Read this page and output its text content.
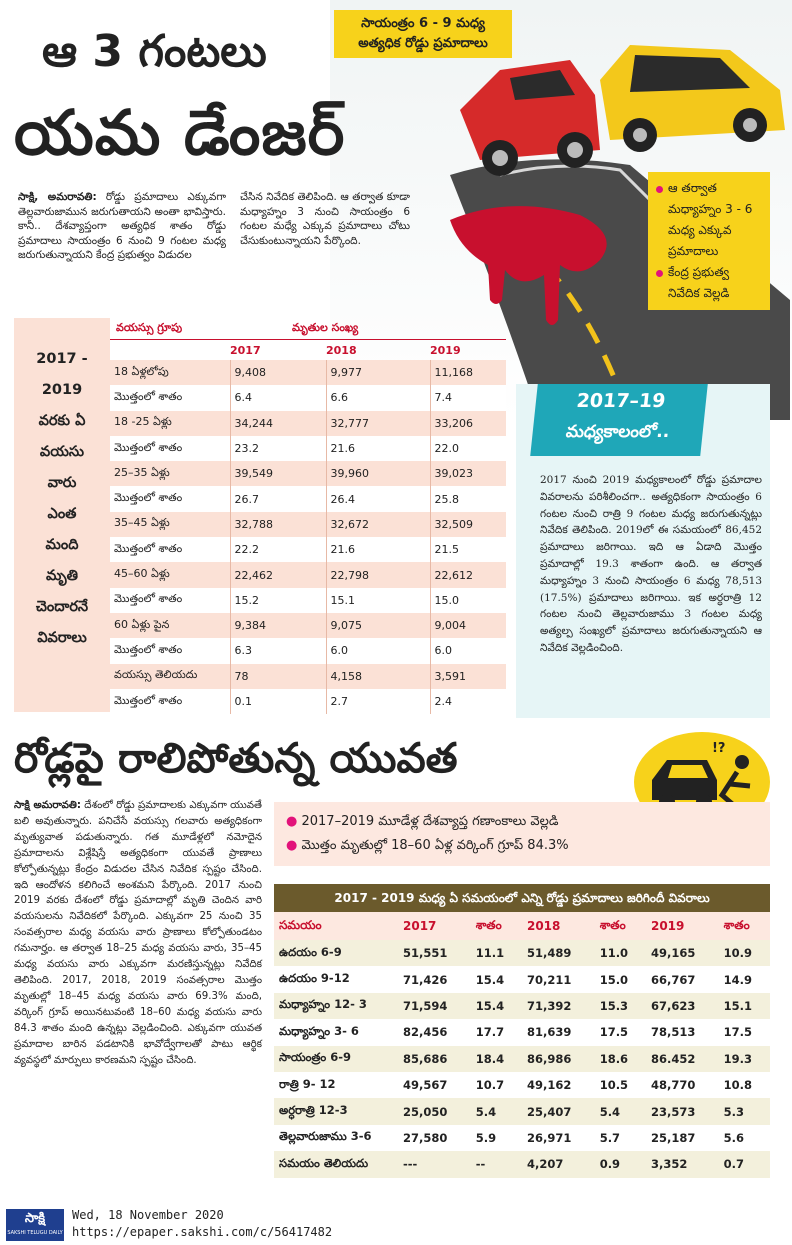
సాయంత్రం 6 - 9 మధ్య
అత్యధిక రోడ్డు ప్రమాదాలు
ఆ 3 గంటలు
యమ డేంజర్
ఆ తర్వాత మధ్యాహ్నం 3 - 6 మధ్య ఎక్కువ ప్రమాదాలు
కేంద్ర ప్రభుత్వ నివేదిక వెల్లడి
సాక్షి, అమరావతి: రోడ్డు ప్రమాదాలు ఎక్కువగా తెల్లవారుజామున జరుగుతాయని అంతా భావిస్తారు. కానీ.. దేశవ్యాప్తంగా అత్యధిక శాతం రోడ్డు ప్రమాదాలు సాయంత్రం 6 నుంచి 9 గంటల మధ్య జరుగుతున్నాయని కేంద్ర ప్రభుత్వం విడుదల
చేసిన నివేదిక తెలిపింది. ఆ తర్వాత కూడా మధ్యాహ్నం 3 నుంచి సాయంత్రం 6 గంటల మధ్యే ఎక్కువ ప్రమాదాలు చోటు చేసుకుంటున్నాయని పేర్కొంది.
2017 -
2019
వరకు ఏ
వయసు
వారు
ఎంత
మంది
మృతి
చెందారనే
వివరాలు
వయస్సు గ్రూపు	మృతుల సంఖ్య
2017	2018	2019
18 ఏళ్లలోపు	9,408	9,977	11,168
మొత్తంలో శాతం	6.4	6.6	7.4
18 -25 ఏళ్లు	34,244	32,777	33,206
మొత్తంలో శాతం	23.2	21.6	22.0
25–35 ఏళ్లు	39,549	39,960	39,023
మొత్తంలో శాతం	26.7	26.4	25.8
35–45 ఏళ్లు	32,788	32,672	32,509
మొత్తంలో శాతం	22.2	21.6	21.5
45–60 ఏళ్లు	22,462	22,798	22,612
మొత్తంలో శాతం	15.2	15.1	15.0
60 ఏళ్లు పైన	9,384	9,075	9,004
మొత్తంలో శాతం	6.3	6.0	6.0
వయస్సు తెలియదు	78	4,158	3,591
మొత్తంలో శాతం	0.1	2.7	2.4
2017–19
మధ్యకాలంలో..
2017 నుంచి 2019 మధ్యకాలంలో రోడ్డు ప్రమాదాల వివరాలను పరిశీలించగా.. అత్యధికంగా సాయంత్రం 6 గంటల నుంచి రాత్రి 9 గంటల మధ్య జరుగుతున్నట్లు నివేదిక తెలిపింది. 2019లో ఈ సమయంలో 86,452 ప్రమాదాలు జరిగాయి. ఇది ఆ ఏడాది మొత్తం ప్రమాదాల్లో 19.3 శాతంగా ఉంది. ఆ తర్వాత మధ్యాహ్నం 3 నుంచి సాయంత్రం 6 మధ్య 78,513 (17.5%) ప్రమాదాలు జరిగాయి. ఇక అర్ధరాత్రి 12 గంటల నుంచి తెల్లవారుజాము 3 గంటల మధ్య అత్యల్ప సంఖ్యలో ప్రమాదాలు జరుగుతున్నాయని ఆ నివేదిక వెల్లడించింది.
రోడ్లపై రాలిపోతున్న యువత	!?
● 2017–2019 మూడేళ్ల దేశవ్యాప్త గణాంకాలు వెల్లడి
● మొత్తం మృతుల్లో 18–60 ఏళ్ల వర్కింగ్‌ గ్రూప్‌ 84.3%
సాక్షి అమరావతి: దేశంలో రోడ్డు ప్రమాదాలకు ఎక్కువగా యువతే బలి అవుతున్నారు. పనిచేసే వయస్సు గలవారు అత్యధికంగా మృత్యువాత పడుతున్నారు. గత మూడేళ్లలో నమోదైన ప్రమాదాలను విశ్లేషిస్తే అత్యధికంగా యువతే ప్రాణాలు కోల్పోతున్నట్లు కేంద్రం విడుదల చేసిన నివేదిక స్పష్టం చేసింది. ఇది ఆందోళన కలిగించే అంశమని పేర్కొంది. 2017 నుంచి 2019 వరకు దేశంలో రోడ్డు ప్రమాదాల్లో మృతి చెందిన వారి వయసులను నివేదికలో పేర్కొంది. ఎక్కువగా 25 నుంచి 35 సంవత్సరాల మధ్య వయసు వారు ప్రాణాలు కోల్పోతుండటం గమనార్హం. ఆ తర్వాత 18–25 మధ్య వయసు వారు, 35–45 మధ్య వయసు వారు ఎక్కువగా మరణిస్తున్నట్లు నివేదిక తెలిపింది. 2017, 2018, 2019 సంవత్సరాల మొత్తం మృతుల్లో 18–45 మధ్య వయసు వారు 69.3% మంది, వర్కింగ్‌ గ్రూప్‌ అయినటువంటి 18–60 మధ్య వయసు వారు 84.3 శాతం మంది ఉన్నట్లు వెల్లడించింది. ఎక్కువగా యువత ప్రమాదాల బారిన పడటానికి భావోద్వేగాలతో పాటు ఆర్థిక వ్యవస్థలో మార్పులు కారణమని స్పష్టం చేసింది.
2017 - 2019 మధ్య ఏ సమయంలో ఎన్ని రోడ్డు ప్రమాదాలు జరిగిందీ వివరాలు
సమయం	2017	శాతం	2018	శాతం	2019	శాతం
ఉదయం 6-9	51,551	11.1	51,489	11.0	49,165	10.9
ఉదయం 9-12	71,426	15.4	70,211	15.0	66,767	14.9
మధ్యాహ్నం 12- 3	71,594	15.4	71,392	15.3	67,623	15.1
మధ్యాహ్నం 3- 6	82,456	17.7	81,639	17.5	78,513	17.5
సాయంత్రం 6-9	85,686	18.4	86,986	18.6	86.452	19.3
రాత్రి 9- 12	49,567	10.7	49,162	10.5	48,770	10.8
అర్ధరాత్రి 12-3	25,050	5.4	25,407	5.4	23,573	5.3
తెల్లవారుజాము 3-6	27,580	5.9	26,971	5.7	25,187	5.6
సమయం తెలియదు	---	--	4,207	0.9	3,352	0.7
సాక్షి
SAKSHI TELUGU DAILY
Wed, 18 November 2020
https://epaper.sakshi.com/c/56417482
